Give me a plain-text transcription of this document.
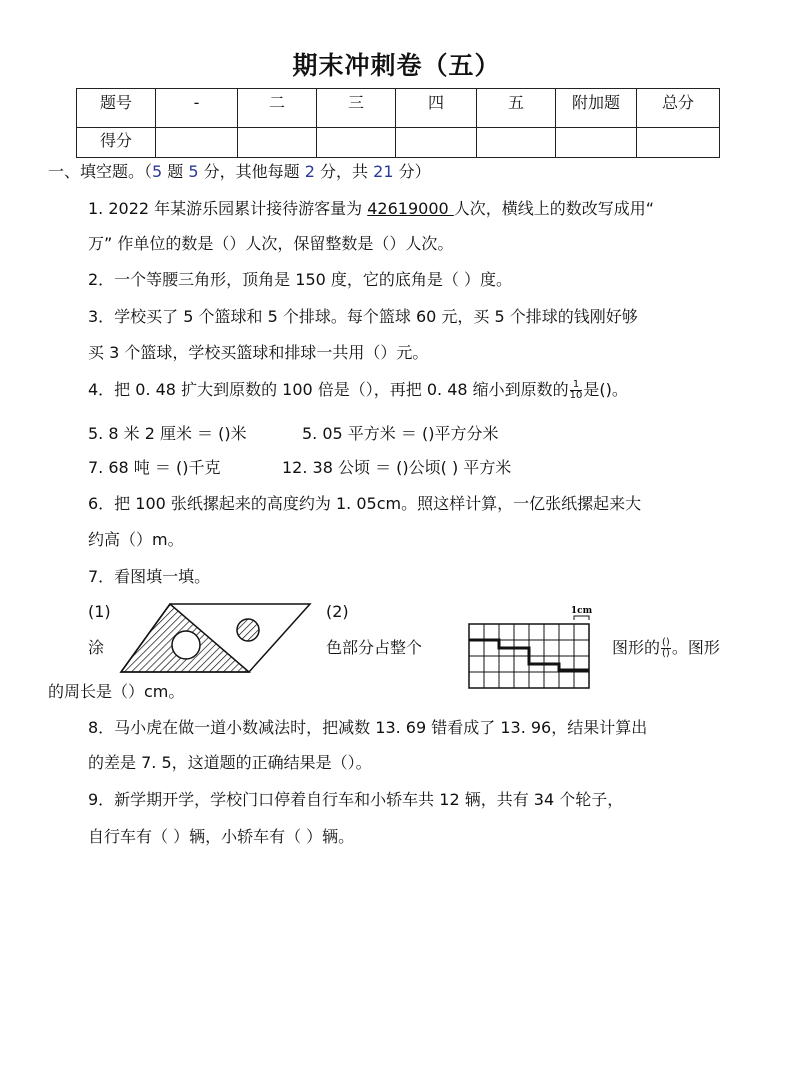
期末冲刺卷（五）
题号	-	二	三	四	五	附加题	总分
得分							
一、填空题。（5 题 5 分，其他每题 2 分，共 21 分）
1. 2022 年某游乐园累计接待游客量为 42619000 人次，横线上的数改写成用“
万” 作单位的数是（）人次，保留整数是（）人次。
2．一个等腰三角形，顶角是 150 度，它的底角是（ ）度。
3．学校买了 5 个篮球和 5 个排球。每个篮球 60 元，买 5 个排球的钱刚好够
买 3 个篮球，学校买篮球和排球一共用（）元。
4．把 0. 48 扩大到原数的 100 倍是（），再把 0. 48 缩小到原数的 $\frac{1}{10}$ 是()。
5. 8 米 2 厘米 ＝ ()米	5. 05 平方米 ＝ ()平方分米
7. 68 吨 ＝ ()千克	12. 38 公顷 ＝ ()公顷( ) 平方米
6．把 100 张纸摞起来的高度约为 1. 05cm。照这样计算，一亿张纸摞起来大
约高（）m。
7．看图填一填。
(1)	(2)
涂	色部分占整个	图形的 $\frac{()}{()}$ 。图形
的周长是（）cm。
1cm
8．马小虎在做一道小数减法时，把减数 13. 69 错看成了 13. 96，结果计算出
的差是 7. 5，这道题的正确结果是（）。
9．新学期开学，学校门口停着自行车和小轿车共 12 辆，共有 34 个轮子，
自行车有（ ）辆，小轿车有（ ）辆。
